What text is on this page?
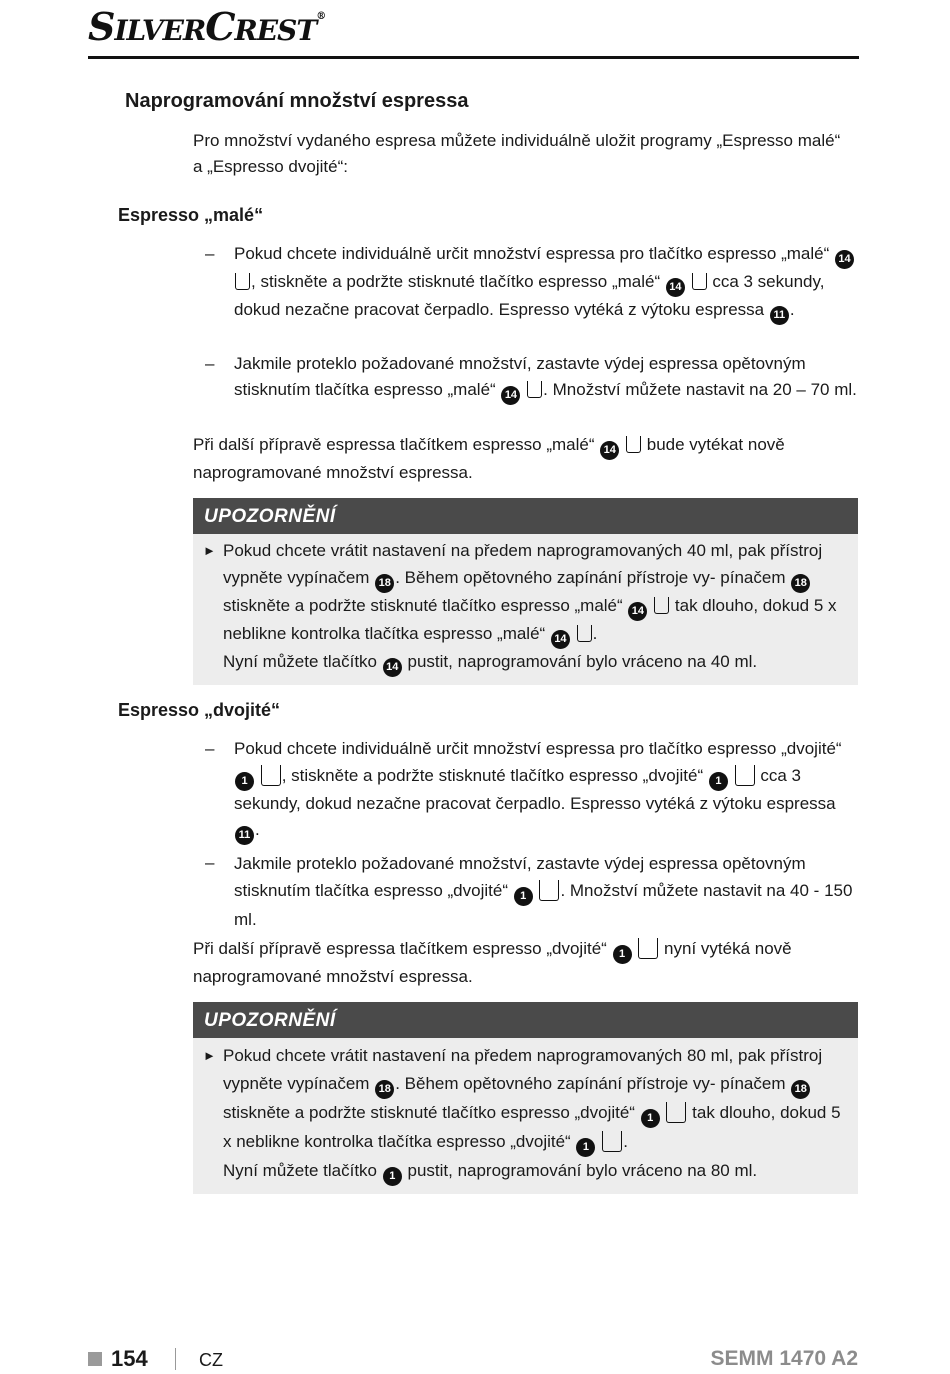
SILVERCREST®
Naprogramování množství espressa
Pro množství vydaného espresa můžete individuálně uložit programy „Espresso malé“ a „Espresso dvojité“:
Espresso „malé“
– Pokud chcete individuálně určit množství espressa pro tlačítko espresso „malé“ 14 , stiskněte a podržte stisknuté tlačítko espresso „malé“ 14 cca 3 sekundy, dokud nezačne pracovat čerpadlo. Espresso vytéká z výtoku espressa 11 .
– Jakmile proteklo požadované množství, zastavte výdej espressa opětovným stisknutím tlačítka espresso „malé“ 14 . Množství můžete nastavit na 20 – 70 ml.
Při další přípravě espressa tlačítkem espresso „malé“ 14 bude vytékat nově naprogramované množství espressa.
UPOZORNĚNÍ
► Pokud chcete vrátit nastavení na předem naprogramovaných 40 ml, pak přístroj vypněte vypínačem 18 . Během opětovného zapínání přístroje vy- pínačem 18 stiskněte a podržte stisknuté tlačítko espresso „malé“ 14 tak dlouho, dokud 5 x neblikne kontrolka tlačítka espresso „malé“ 14 .
Nyní můžete tlačítko 14 pustit, naprogramování bylo vráceno na 40 ml.
Espresso „dvojité“
– Pokud chcete individuálně určit množství espressa pro tlačítko espresso „dvojité“ 1 , stiskněte a podržte stisknuté tlačítko espresso „dvojité“ 1 cca 3 sekundy, dokud nezačne pracovat čerpadlo. Espresso vytéká z výtoku espressa 11 .
– Jakmile proteklo požadované množství, zastavte výdej espressa opětovným stisknutím tlačítka espresso „dvojité“ 1 . Množství můžete nastavit na 40 - 150 ml.
Při další přípravě espressa tlačítkem espresso „dvojité“ 1 nyní vytéká nově naprogramované množství espressa.
UPOZORNĚNÍ
► Pokud chcete vrátit nastavení na předem naprogramovaných 80 ml, pak přístroj vypněte vypínačem 18 . Během opětovného zapínání přístroje vy- pínačem 18 stiskněte a podržte stisknuté tlačítko espresso „dvojité“ 1 tak dlouho, dokud 5 x neblikne kontrolka tlačítka espresso „dvojité“ 1 .
Nyní můžete tlačítko 1 pustit, naprogramování bylo vráceno na 80 ml.
154	CZ	SEMM 1470 A2
